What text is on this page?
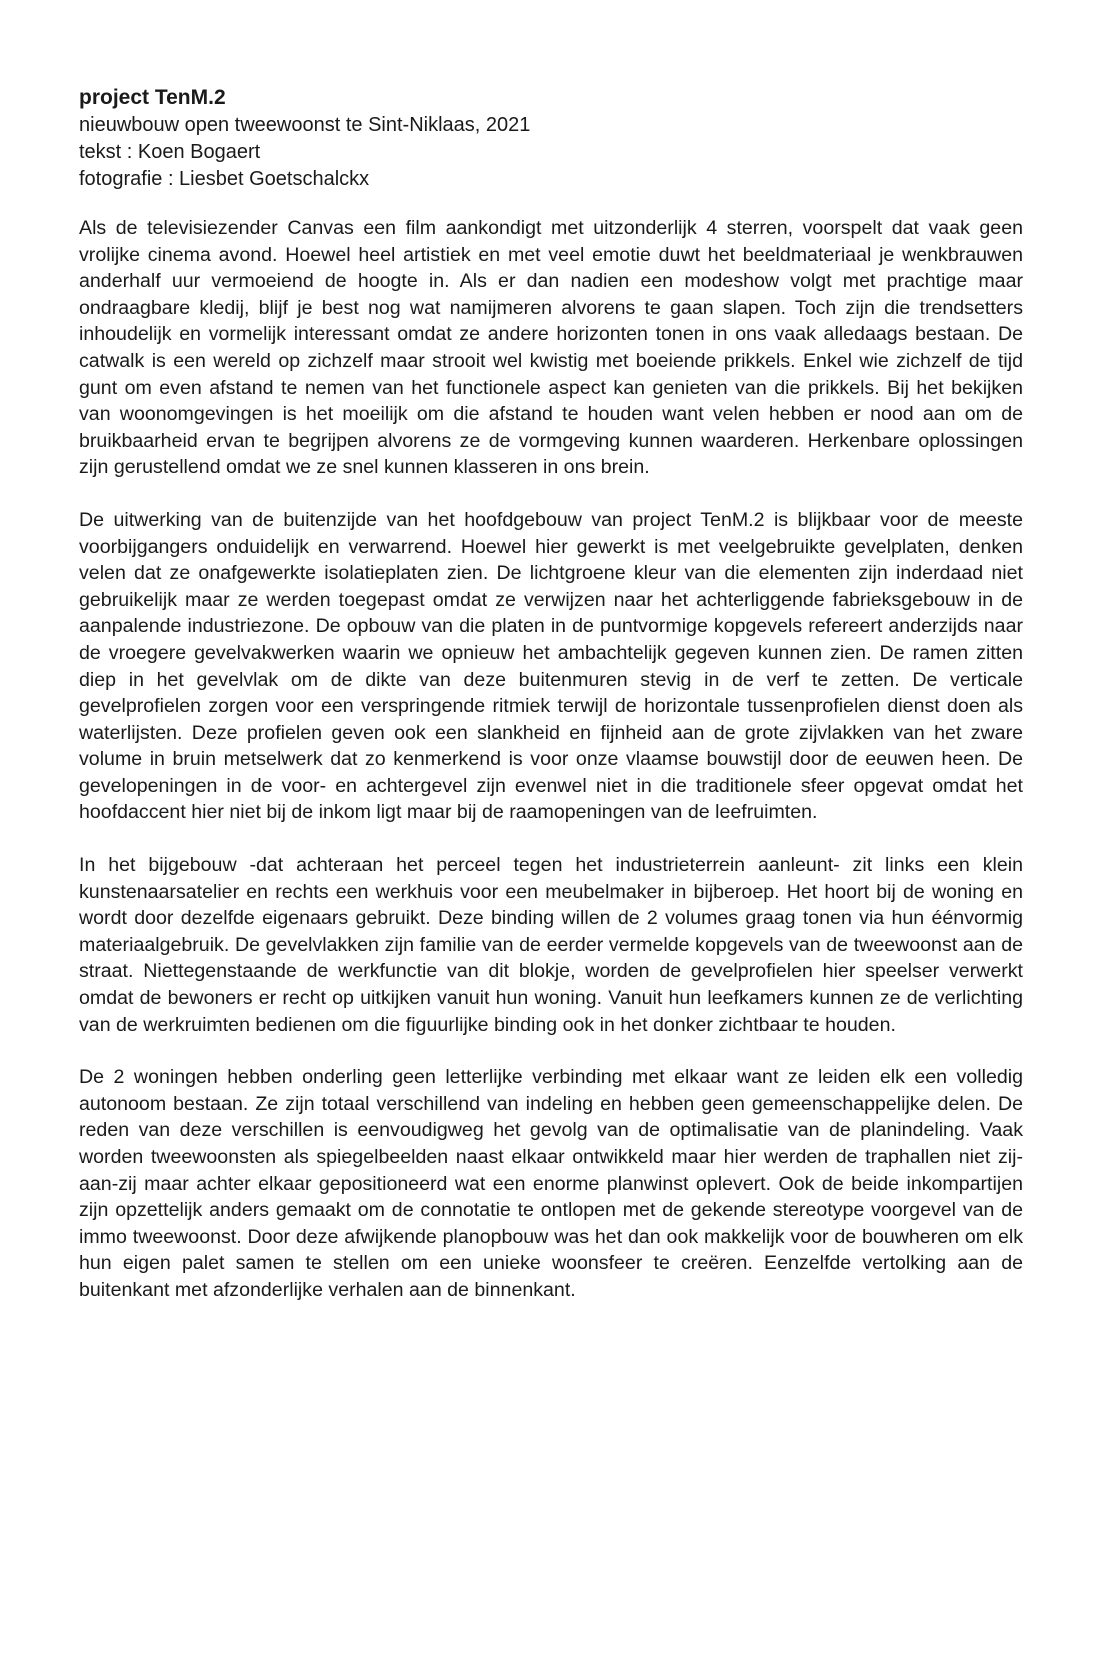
project TenM.2

nieuwbouw open tweewoonst te Sint-Niklaas, 2021

tekst : Koen Bogaert

fotografie : Liesbet Goetschalckx

Als de televisiezender Canvas een film aankondigt met uitzonderlijk 4 sterren, voorspelt dat vaak geen vrolijke cinema avond. Hoewel heel artistiek en met veel emotie duwt het beeldmateriaal je wenkbrauwen anderhalf uur vermoeiend de hoogte in. Als er dan nadien een modeshow volgt met prachtige maar ondraagbare kledij, blijf je best nog wat namijmeren alvorens te gaan slapen. Toch zijn die trendsetters inhoudelijk en vormelijk interessant omdat ze andere horizonten tonen in ons vaak alledaags bestaan. De catwalk is een wereld op zichzelf maar strooit wel kwistig met boeiende prikkels. Enkel wie zichzelf de tijd gunt om even afstand te nemen van het functionele aspect kan genieten van die prikkels. Bij het bekijken van woonomgevingen is het moeilijk om die afstand te houden want velen hebben er nood aan om de bruikbaarheid ervan te begrijpen alvorens ze de vormgeving kunnen waarderen. Herkenbare oplossingen zijn gerustellend omdat we ze snel kunnen klasseren in ons brein.

De uitwerking van de buitenzijde van het hoofdgebouw van project TenM.2 is blijkbaar voor de meeste voorbijgangers onduidelijk en verwarrend. Hoewel hier gewerkt is met veelgebruikte gevelplaten, denken velen dat ze onafgewerkte isolatieplaten zien. De lichtgroene kleur van die elementen zijn inderdaad niet gebruikelijk maar ze werden toegepast omdat ze verwijzen naar het achterliggende fabrieksgebouw in de aanpalende industriezone. De opbouw van die platen in de puntvormige kopgevels refereert anderzijds naar de vroegere gevelvakwerken waarin we opnieuw het ambachtelijk gegeven kunnen zien. De ramen zitten diep in het gevelvlak om de dikte van deze buitenmuren stevig in de verf te zetten. De verticale gevelprofielen zorgen voor een verspringende ritmiek terwijl de horizontale tussenprofielen dienst doen als waterlijsten. Deze profielen geven ook een slankheid en fijnheid aan de grote zijvlakken van het zware volume in bruin metselwerk dat zo kenmerkend is voor onze vlaamse bouwstijl door de eeuwen heen. De gevelopeningen in de voor- en achtergevel zijn evenwel niet in die traditionele sfeer opgevat omdat het hoofdaccent hier niet bij de inkom ligt maar bij de raamopeningen van de leefruimten.

In het bijgebouw -dat achteraan het perceel tegen het industrieterrein aanleunt- zit links een klein kunstenaarsatelier en rechts een werkhuis voor een meubelmaker in bijberoep. Het hoort bij de woning en wordt door dezelfde eigenaars gebruikt. Deze binding willen de 2 volumes graag tonen via hun éénvormig materiaalgebruik. De gevelvlakken zijn familie van de eerder vermelde kopgevels van de tweewoonst aan de straat. Niettegenstaande de werkfunctie van dit blokje, worden de gevelprofielen hier speelser verwerkt omdat de bewoners er recht op uitkijken vanuit hun woning. Vanuit hun leefkamers kunnen ze de verlichting van de werkruimten bedienen om die figuurlijke binding ook in het donker zichtbaar te houden.

De 2 woningen hebben onderling geen letterlijke verbinding met elkaar want ze leiden elk een volledig autonoom bestaan. Ze zijn totaal verschillend van indeling en hebben geen gemeenschappelijke delen. De reden van deze verschillen is eenvoudigweg het gevolg van de optimalisatie van de planindeling. Vaak worden tweewoonsten als spiegelbeelden naast elkaar ontwikkeld maar hier werden de traphallen niet zij-aan-zij maar achter elkaar gepositioneerd wat een enorme planwinst oplevert. Ook de beide inkompartijen zijn opzettelijk anders gemaakt om de connotatie te ontlopen met de gekende stereotype voorgevel van de immo tweewoonst. Door deze afwijkende planopbouw was het dan ook makkelijk voor de bouwheren om elk hun eigen palet samen te stellen om een unieke woonsfeer te creëren. Eenzelfde vertolking aan de buitenkant met afzonderlijke verhalen aan de binnenkant.
